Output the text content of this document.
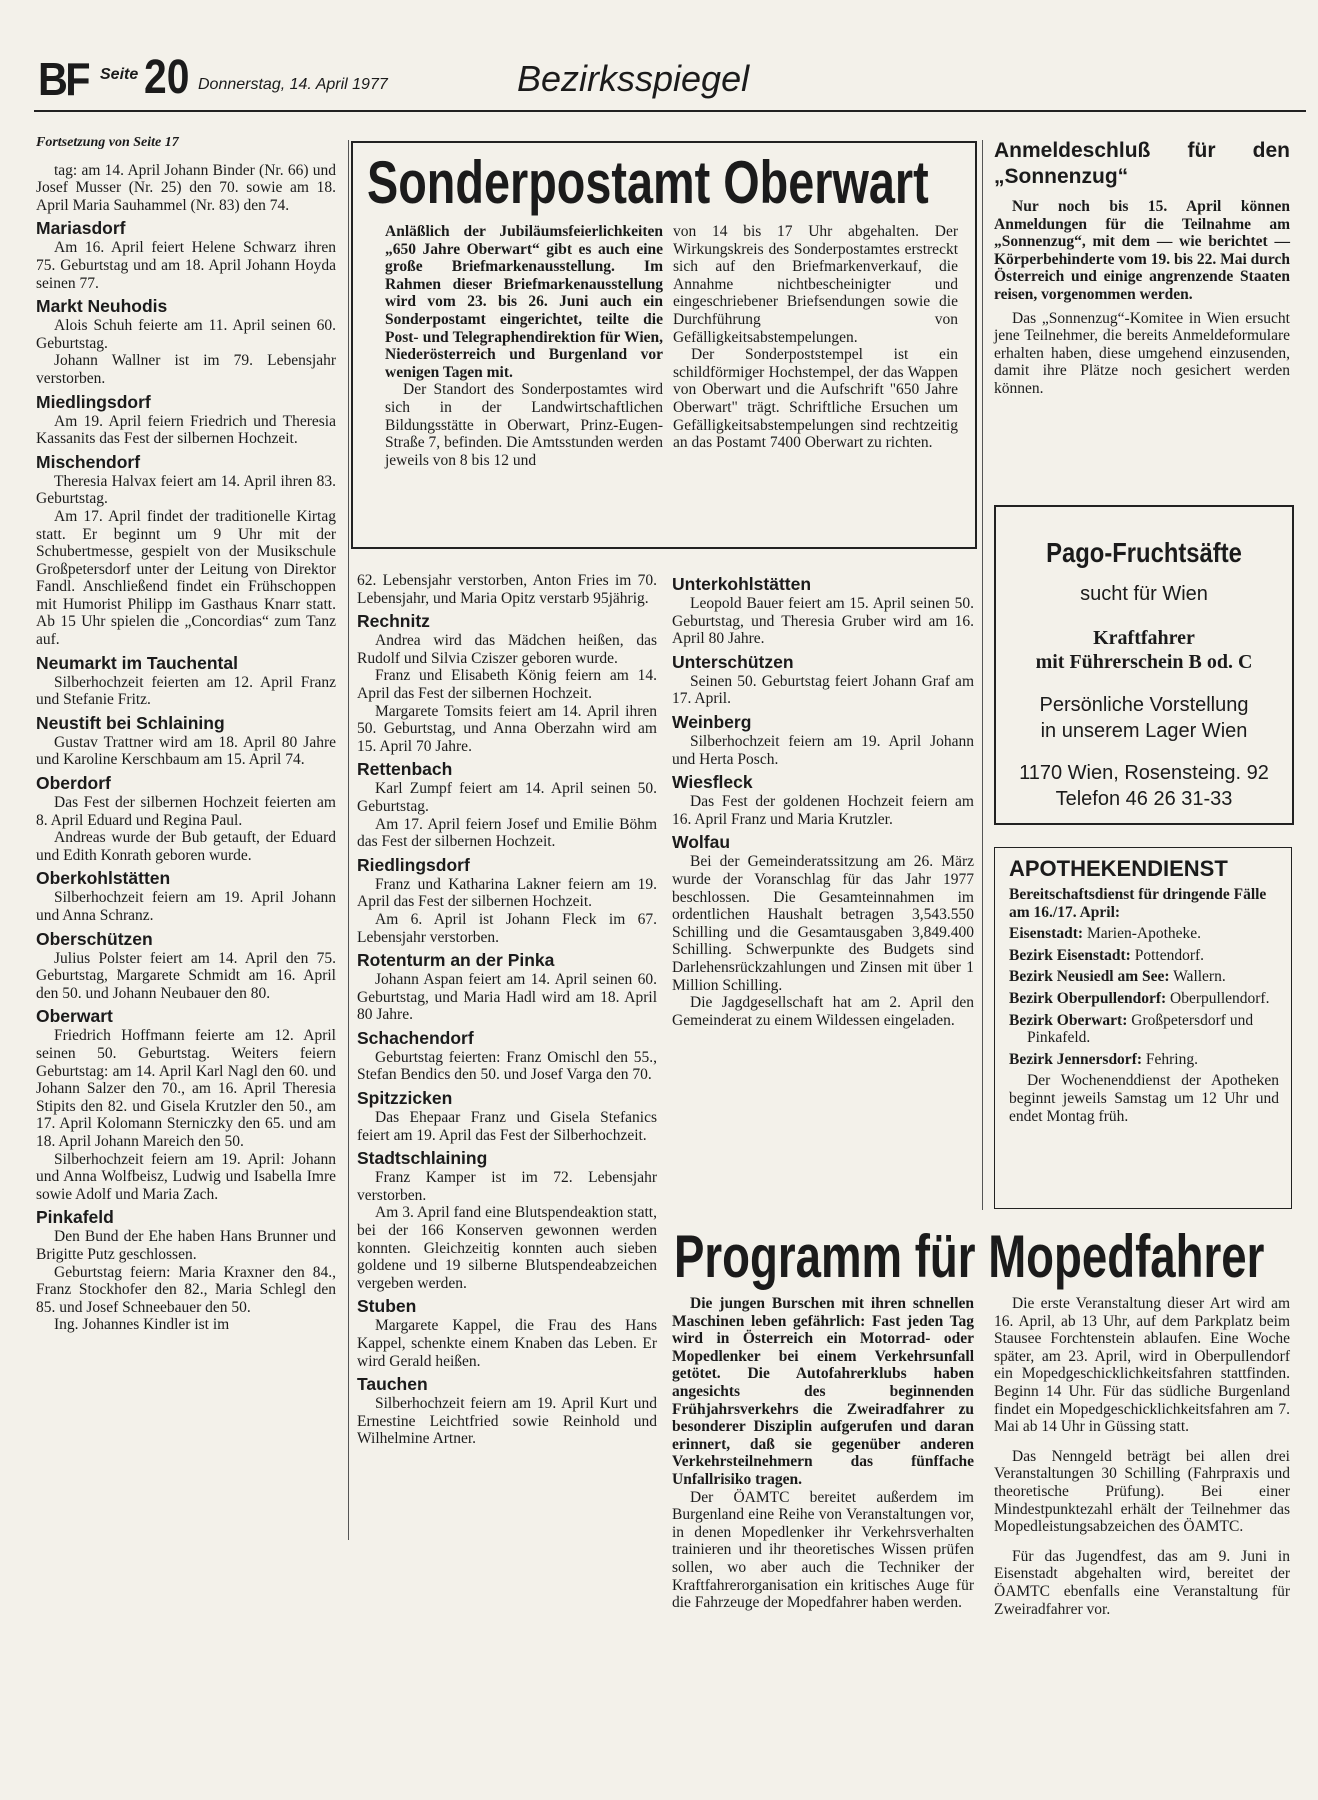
BF Seite 20 Donnerstag, 14. April 1977	Bezirksspiegel

Fortsetzung von Seite 17

tag: am 14. April Johann Binder (Nr. 66) und Josef Musser (Nr. 25) den 70. sowie am 18. April Maria Sauhammel (Nr. 83) den 74.

Mariasdorf

Am 16. April feiert Helene Schwarz ihren 75. Geburtstag und am 18. April Johann Hoyda seinen 77.

Markt Neuhodis

Alois Schuh feierte am 11. April seinen 60. Geburtstag.

Johann Wallner ist im 79. Lebensjahr verstorben.

Miedlingsdorf

Am 19. April feiern Friedrich und Theresia Kassanits das Fest der silbernen Hochzeit.

Mischendorf

Theresia Halvax feiert am 14. April ihren 83. Geburtstag.

Am 17. April findet der traditionelle Kirtag statt. Er beginnt um 9 Uhr mit der Schubertmesse, gespielt von der Musikschule Großpetersdorf unter der Leitung von Direktor Fandl. Anschließend findet ein Frühschoppen mit Humorist Philipp im Gasthaus Knarr statt. Ab 15 Uhr spielen die „Concordias“ zum Tanz auf.

Neumarkt im Tauchental

Silberhochzeit feierten am 12. April Franz und Stefanie Fritz.

Neustift bei Schlaining

Gustav Trattner wird am 18. April 80 Jahre und Karoline Kerschbaum am 15. April 74.

Oberdorf

Das Fest der silbernen Hochzeit feierten am 8. April Eduard und Regina Paul.

Andreas wurde der Bub getauft, der Eduard und Edith Konrath geboren wurde.

Oberkohlstätten

Silberhochzeit feiern am 19. April Johann und Anna Schranz.

Oberschützen

Julius Polster feiert am 14. April den 75. Geburtstag, Margarete Schmidt am 16. April den 50. und Johann Neubauer den 80.

Oberwart

Friedrich Hoffmann feierte am 12. April seinen 50. Geburtstag. Weiters feiern Geburtstag: am 14. April Karl Nagl den 60. und Johann Salzer den 70., am 16. April Theresia Stipits den 82. und Gisela Krutzler den 50., am 17. April Kolomann Sterniczky den 65. und am 18. April Johann Mareich den 50.

Silberhochzeit feiern am 19. April: Johann und Anna Wolfbeisz, Ludwig und Isabella Imre sowie Adolf und Maria Zach.

Pinkafeld

Den Bund der Ehe haben Hans Brunner und Brigitte Putz geschlossen.

Geburtstag feiern: Maria Kraxner den 84., Franz Stockhofer den 82., Maria Schlegl den 85. und Josef Schneebauer den 50.

Ing. Johannes Kindler ist im

Sonderpostamt Oberwart

Anläßlich der Jubiläumsfeierlichkeiten „650 Jahre Oberwart“ gibt es auch eine große Briefmarkenausstellung. Im Rahmen dieser Briefmarkenausstellung wird vom 23. bis 26. Juni auch ein Sonderpostamt eingerichtet, teilte die Post- und Telegraphendirektion für Wien, Niederösterreich und Burgenland vor wenigen Tagen mit.

Der Standort des Sonderpostamtes wird sich in der Landwirtschaftlichen Bildungsstätte in Oberwart, Prinz-Eugen-Straße 7, befinden. Die Amtsstunden werden jeweils von 8 bis 12 und

von 14 bis 17 Uhr abgehalten. Der Wirkungskreis des Sonderpostamtes erstreckt sich auf den Briefmarkenverkauf, die Annahme nichtbescheinigter und eingeschriebener Briefsendungen sowie die Durchführung von Gefälligkeitsabstempelungen.

Der Sonderpoststempel ist ein schildförmiger Hochstempel, der das Wappen von Oberwart und die Aufschrift "650 Jahre Oberwart" trägt. Schriftliche Ersuchen um Gefälligkeitsabstempelungen sind rechtzeitig an das Postamt 7400 Oberwart zu richten.

Anmeldeschluß für den „Sonnenzug“

Nur noch bis 15. April können Anmeldungen für die Teilnahme am „Sonnenzug“, mit dem — wie berichtet — Körperbehinderte vom 19. bis 22. Mai durch Österreich und einige angrenzende Staaten reisen, vorgenommen werden.

Das „Sonnenzug“-Komitee in Wien ersucht jene Teilnehmer, die bereits Anmeldeformulare erhalten haben, diese umgehend einzusenden, damit ihre Plätze noch gesichert werden können.

62. Lebensjahr verstorben, Anton Fries im 70. Lebensjahr, und Maria Opitz verstarb 95jährig.

Rechnitz

Andrea wird das Mädchen heißen, das Rudolf und Silvia Cziszer geboren wurde.

Franz und Elisabeth König feiern am 14. April das Fest der silbernen Hochzeit.

Margarete Tomsits feiert am 14. April ihren 50. Geburtstag, und Anna Oberzahn wird am 15. April 70 Jahre.

Rettenbach

Karl Zumpf feiert am 14. April seinen 50. Geburtstag.

Am 17. April feiern Josef und Emilie Böhm das Fest der silbernen Hochzeit.

Riedlingsdorf

Franz und Katharina Lakner feiern am 19. April das Fest der silbernen Hochzeit.

Am 6. April ist Johann Fleck im 67. Lebensjahr verstorben.

Rotenturm an der Pinka

Johann Aspan feiert am 14. April seinen 60. Geburtstag, und Maria Hadl wird am 18. April 80 Jahre.

Schachendorf

Geburtstag feierten: Franz Omischl den 55., Stefan Bendics den 50. und Josef Varga den 70.

Spitzzicken

Das Ehepaar Franz und Gisela Stefanics feiert am 19. April das Fest der Silberhochzeit.

Stadtschlaining

Franz Kamper ist im 72. Lebensjahr verstorben.

Am 3. April fand eine Blutspendeaktion statt, bei der 166 Konserven gewonnen werden konnten. Gleichzeitig konnten auch sieben goldene und 19 silberne Blutspendeabzeichen vergeben werden.

Stuben

Margarete Kappel, die Frau des Hans Kappel, schenkte einem Knaben das Leben. Er wird Gerald heißen.

Tauchen

Silberhochzeit feiern am 19. April Kurt und Ernestine Leichtfried sowie Reinhold und Wilhelmine Artner.

Unterkohlstätten

Leopold Bauer feiert am 15. April seinen 50. Geburtstag, und Theresia Gruber wird am 16. April 80 Jahre.

Unterschützen

Seinen 50. Geburtstag feiert Johann Graf am 17. April.

Weinberg

Silberhochzeit feiern am 19. April Johann und Herta Posch.

Wiesfleck

Das Fest der goldenen Hochzeit feiern am 16. April Franz und Maria Krutzler.

Wolfau

Bei der Gemeinderatssitzung am 26. März wurde der Voranschlag für das Jahr 1977 beschlossen. Die Gesamteinnahmen im ordentlichen Haushalt betragen 3,543.550 Schilling und die Gesamtausgaben 3,849.400 Schilling. Schwerpunkte des Budgets sind Darlehensrückzahlungen und Zinsen mit über 1 Million Schilling.

Die Jagdgesellschaft hat am 2. April den Gemeinderat zu einem Wildessen eingeladen.

Pago-Fruchtsäfte
sucht für Wien
Kraftfahrer
mit Führerschein B od. C
Persönliche Vorstellung
in unserem Lager Wien
1170 Wien, Rosensteing. 92
Telefon 46 26 31-33
APOTHEKENDIENST

Bereitschaftsdienst für dringende Fälle am 16./17. April:

Eisenstadt: Marien-Apotheke.

Bezirk Eisenstadt: Pottendorf.

Bezirk Neusiedl am See: Wallern.

Bezirk Oberpullendorf: Oberpullendorf.

Bezirk Oberwart: Großpetersdorf und Pinkafeld.

Bezirk Jennersdorf: Fehring.

Der Wochenenddienst der Apotheken beginnt jeweils Samstag um 12 Uhr und endet Montag früh.

Programm für Mopedfahrer

Die jungen Burschen mit ihren schnellen Maschinen leben gefährlich: Fast jeden Tag wird in Österreich ein Motorrad- oder Mopedlenker bei einem Verkehrsunfall getötet. Die Autofahrerklubs haben angesichts des beginnenden Frühjahrsverkehrs die Zweiradfahrer zu besonderer Disziplin aufgerufen und daran erinnert, daß sie gegenüber anderen Verkehrsteilnehmern das fünffache Unfallrisiko tragen.

Der ÖAMTC bereitet außerdem im Burgenland eine Reihe von Veranstaltungen vor, in denen Mopedlenker ihr Verkehrsverhalten trainieren und ihr theoretisches Wissen prüfen sollen, wo aber auch die Techniker der Kraftfahrerorganisation ein kritisches Auge für die Fahrzeuge der Mopedfahrer haben werden.

Die erste Veranstaltung dieser Art wird am 16. April, ab 13 Uhr, auf dem Parkplatz beim Stausee Forchtenstein ablaufen. Eine Woche später, am 23. April, wird in Oberpullendorf ein Mopedgeschicklichkeitsfahren stattfinden. Beginn 14 Uhr. Für das südliche Burgenland findet ein Mopedgeschicklichkeitsfahren am 7. Mai ab 14 Uhr in Güssing statt.

Das Nenngeld beträgt bei allen drei Veranstaltungen 30 Schilling (Fahrpraxis und theoretische Prüfung). Bei einer Mindestpunktezahl erhält der Teilnehmer das Mopedleistungsabzeichen des ÖAMTC.

Für das Jugendfest, das am 9. Juni in Eisenstadt abgehalten wird, bereitet der ÖAMTC ebenfalls eine Veranstaltung für Zweiradfahrer vor.
